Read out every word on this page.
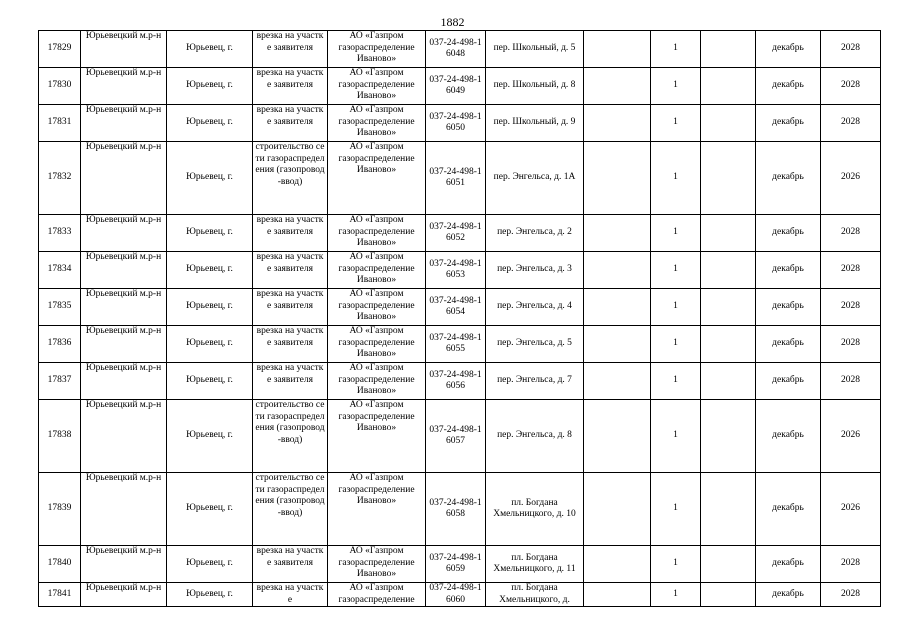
1882
17829	Юрьевецкий м.р-н	Юрьевец, г.	врезка на участке заявителя	АО «Газпром газораспределение Иваново»	037-24-498-16048	пер. Школьный, д. 5		1		декабрь	2028
17830	Юрьевецкий м.р-н	Юрьевец, г.	врезка на участке заявителя	АО «Газпром газораспределение Иваново»	037-24-498-16049	пер. Школьный, д. 8		1		декабрь	2028
17831	Юрьевецкий м.р-н	Юрьевец, г.	врезка на участке заявителя	АО «Газпром газораспределение Иваново»	037-24-498-16050	пер. Школьный, д. 9		1		декабрь	2028
17832	Юрьевецкий м.р-н	Юрьевец, г.	строительство сети газораспределения (газопровод-ввод)	АО «Газпром газораспределение Иваново»	037-24-498-16051	пер. Энгельса, д. 1А		1		декабрь	2026
17833	Юрьевецкий м.р-н	Юрьевец, г.	врезка на участке заявителя	АО «Газпром газораспределение Иваново»	037-24-498-16052	пер. Энгельса, д. 2		1		декабрь	2028
17834	Юрьевецкий м.р-н	Юрьевец, г.	врезка на участке заявителя	АО «Газпром газораспределение Иваново»	037-24-498-16053	пер. Энгельса, д. 3		1		декабрь	2028
17835	Юрьевецкий м.р-н	Юрьевец, г.	врезка на участке заявителя	АО «Газпром газораспределение Иваново»	037-24-498-16054	пер. Энгельса, д. 4		1		декабрь	2028
17836	Юрьевецкий м.р-н	Юрьевец, г.	врезка на участке заявителя	АО «Газпром газораспределение Иваново»	037-24-498-16055	пер. Энгельса, д. 5		1		декабрь	2028
17837	Юрьевецкий м.р-н	Юрьевец, г.	врезка на участке заявителя	АО «Газпром газораспределение Иваново»	037-24-498-16056	пер. Энгельса, д. 7		1		декабрь	2028
17838	Юрьевецкий м.р-н	Юрьевец, г.	строительство сети газораспределения (газопровод-ввод)	АО «Газпром газораспределение Иваново»	037-24-498-16057	пер. Энгельса, д. 8		1		декабрь	2026
17839	Юрьевецкий м.р-н	Юрьевец, г.	строительство сети газораспределения (газопровод-ввод)	АО «Газпром газораспределение Иваново»	037-24-498-16058	пл. Богдана Хмельницкого, д. 10		1		декабрь	2026
17840	Юрьевецкий м.р-н	Юрьевец, г.	врезка на участке заявителя	АО «Газпром газораспределение Иваново»	037-24-498-16059	пл. Богдана Хмельницкого, д. 11		1		декабрь	2028
17841	Юрьевецкий м.р-н	Юрьевец, г.	врезка на участке	АО «Газпром газораспределение	037-24-498-16060	пл. Богдана Хмельницкого, д.		1		декабрь	2028
